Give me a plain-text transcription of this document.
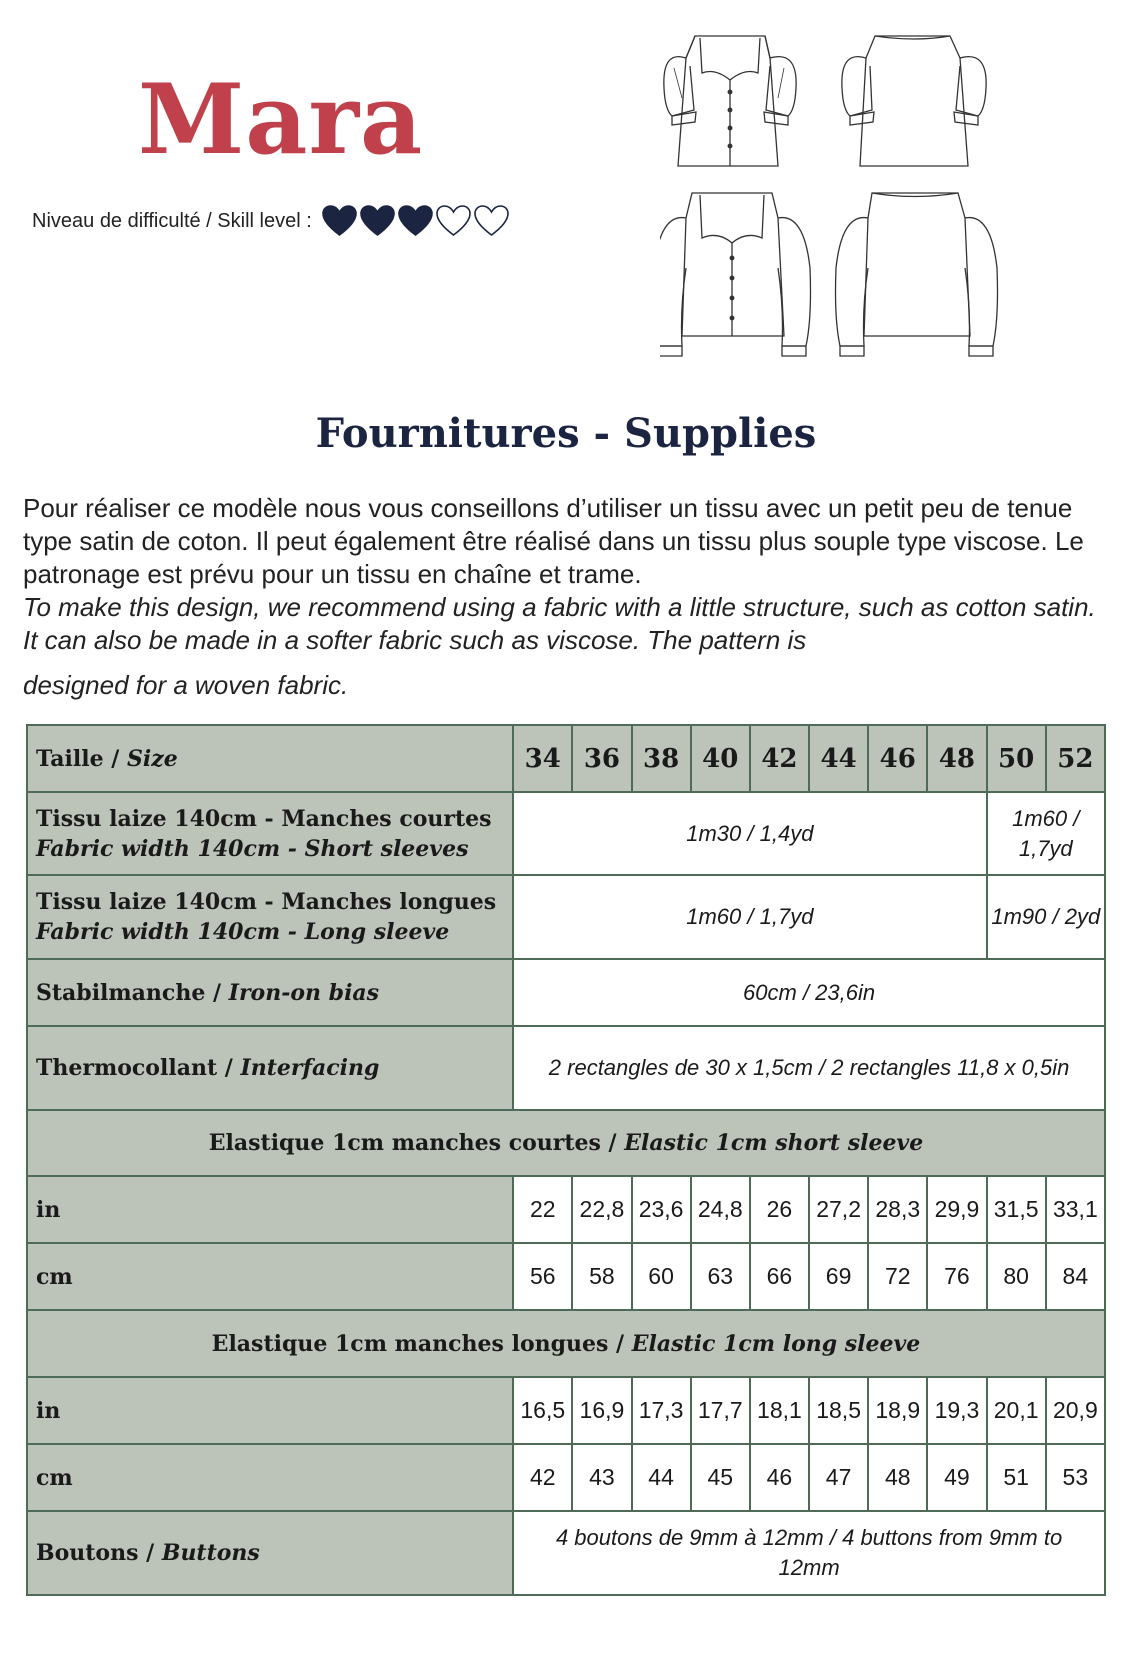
Mara
Niveau de difficulté / Skill level :
Fournitures - Supplies

Pour réaliser ce modèle nous vous conseillons d’utiliser un tissu avec un petit peu de tenue type satin de coton. Il peut également être réalisé dans un tissu plus souple type viscose. Le patronage est prévu pour un tissu en chaîne et trame.

To make this design, we recommend using a fabric with a little structure, such as cotton satin. It can also be made in a softer fabric such as viscose. The pattern is

designed for a woven fabric.

Taille / Size	34	36	38	40	42	44	46	48	50	52
Tissu laize 140cm - Manches courtes
Fabric width 140cm - Short sleeves	1m30 / 1,4yd								1m60 / 1,7yd	
Tissu laize 140cm - Manches longues
Fabric width 140cm - Long sleeve	1m60 / 1,7yd								1m90 / 2yd	
Stabilmanche / Iron-on bias	60cm / 23,6in									
Thermocollant / Interfacing	2 rectangles de 30 x 1,5cm / 2 rectangles 11,8 x 0,5in									
Elastique 1cm manches courtes / Elastic 1cm short sleeve										
in	22	22,8	23,6	24,8	26	27,2	28,3	29,9	31,5	33,1
cm	56	58	60	63	66	69	72	76	80	84
Elastique 1cm manches longues / Elastic 1cm long sleeve										
in	16,5	16,9	17,3	17,7	18,1	18,5	18,9	19,3	20,1	20,9
cm	42	43	44	45	46	47	48	49	51	53
Boutons / Buttons	4 boutons de 9mm à 12mm / 4 buttons from 9mm to 12mm									
